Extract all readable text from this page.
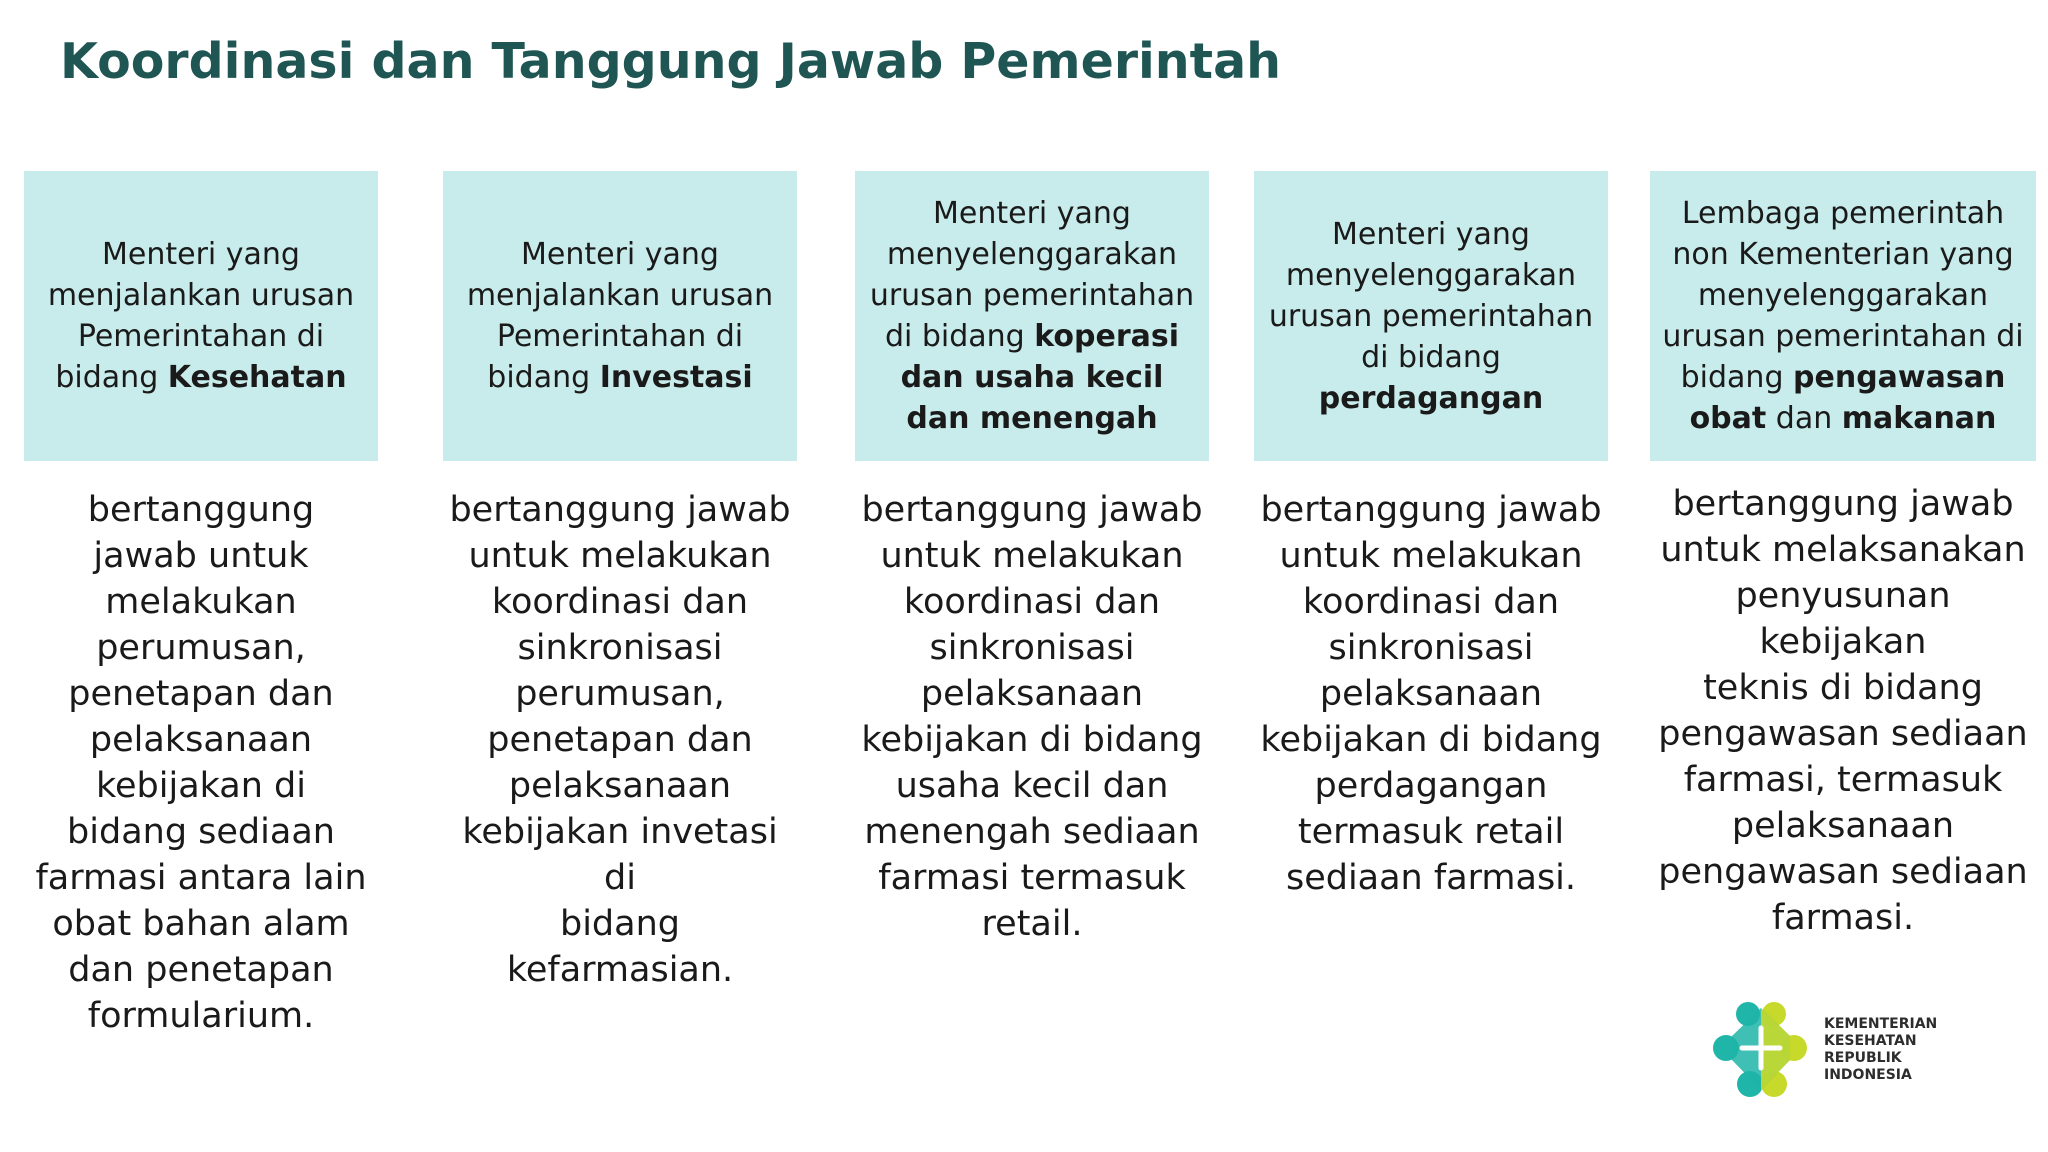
Koordinasi dan Tanggung Jawab Pemerintah
Menteri yang menjalankan urusan Pemerintahan di bidang Kesehatan
bertanggung
jawab untuk
melakukan
perumusan,
penetapan dan
pelaksanaan
kebijakan di
bidang sediaan
farmasi antara lain
obat bahan alam
dan penetapan
formularium.
Menteri yang menjalankan urusan Pemerintahan di bidang Investasi
bertanggung jawab
untuk melakukan
koordinasi dan
sinkronisasi
perumusan,
penetapan dan
pelaksanaan
kebijakan invetasi di
bidang kefarmasian.
Menteri yang menyelenggarakan urusan pemerintahan di bidang koperasi dan usaha kecil dan menengah
bertanggung jawab
untuk melakukan
koordinasi dan
sinkronisasi
pelaksanaan
kebijakan di bidang
usaha kecil dan
menengah sediaan
farmasi termasuk
retail.
Menteri yang menyelenggarakan urusan pemerintahan di bidang perdagangan
bertanggung jawab
untuk melakukan
koordinasi dan
sinkronisasi
pelaksanaan
kebijakan di bidang
perdagangan
termasuk retail
sediaan farmasi.
Lembaga pemerintah non Kementerian yang menyelenggarakan urusan pemerintahan di bidang pengawasan obat dan makanan
bertanggung jawab
untuk melaksanakan
penyusunan kebijakan
teknis di bidang
pengawasan sediaan
farmasi, termasuk
pelaksanaan
pengawasan sediaan
farmasi.
KEMENTERIAN
KESEHATAN
REPUBLIK
INDONESIA
